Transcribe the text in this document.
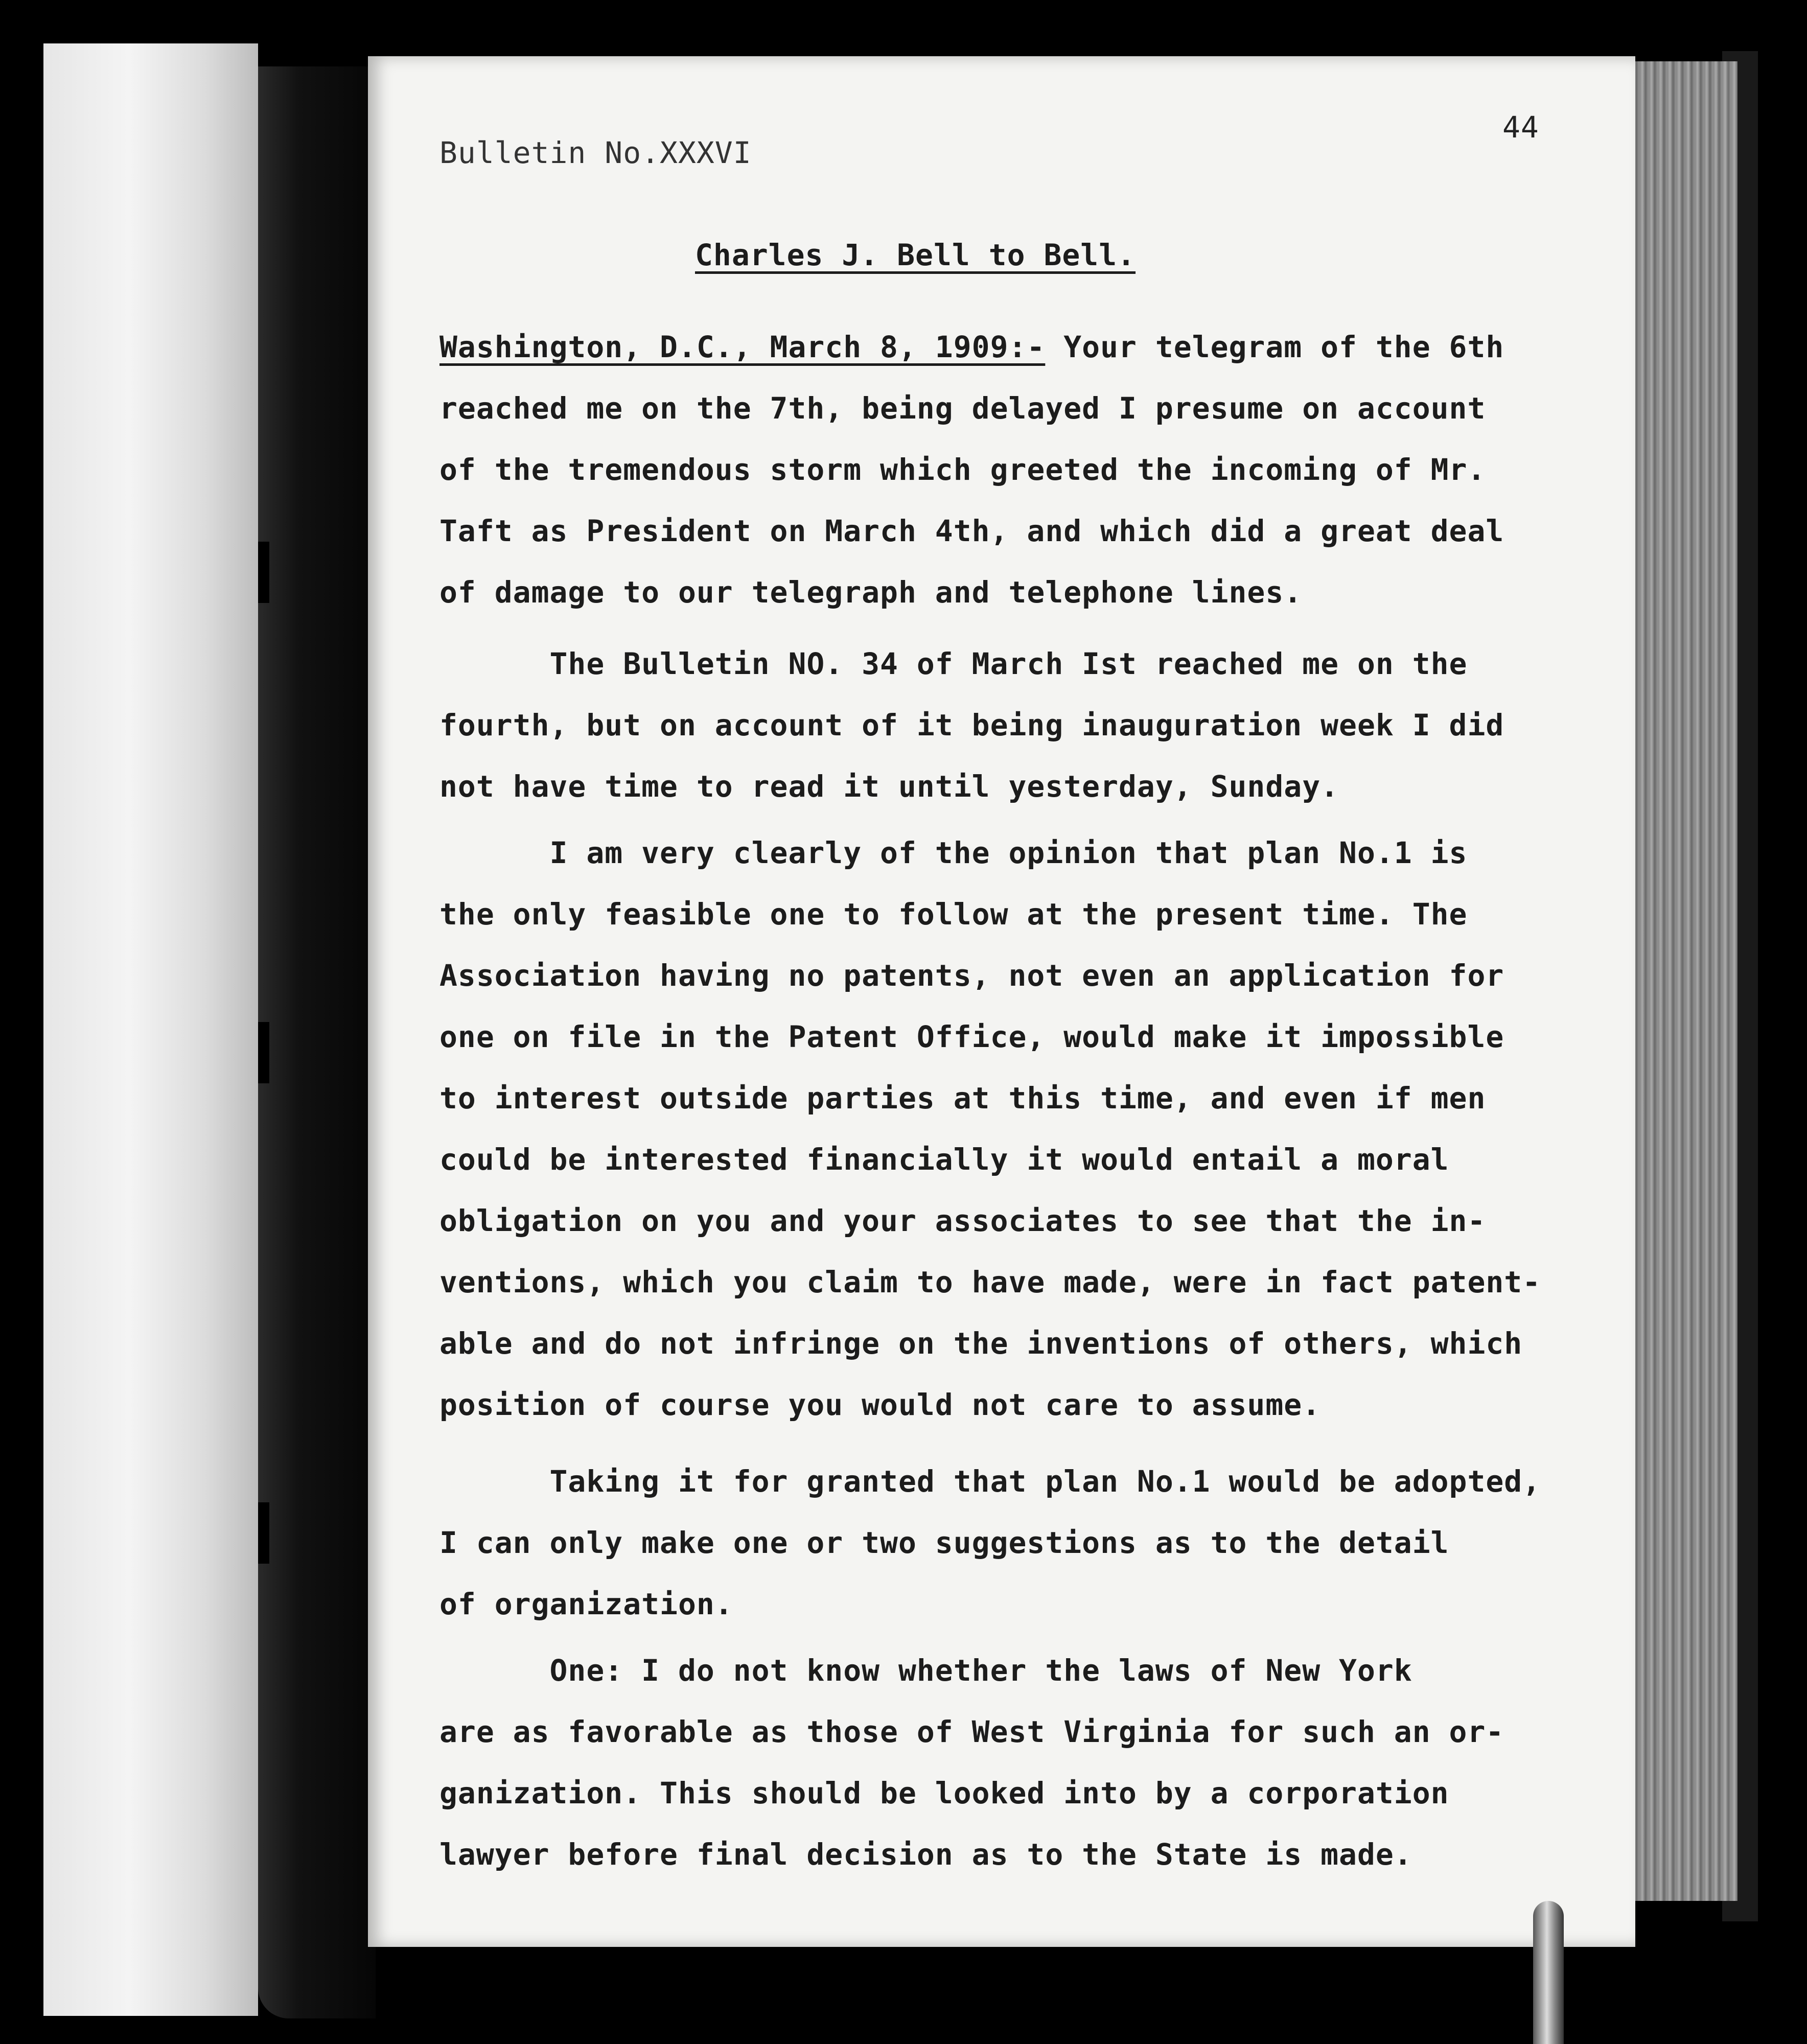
Bulletin No.XXXVI
44
Charles J. Bell to Bell.
Washington, D.C., March 8, 1909:- Your telegram of the 6th
reached me on the 7th, being delayed I presume on account
of the tremendous storm which greeted the incoming of Mr.
Taft as President on March 4th, and which did a great deal
of damage to our telegraph and telephone lines.
The Bulletin NO. 34 of March Ist reached me on the
fourth, but on account of it being inauguration week I did
not have time to read it until yesterday, Sunday.
I am very clearly of the opinion that plan No.1 is
the only feasible one to follow at the present time. The
Association having no patents, not even an application for
one on file in the Patent Office, would make it impossible
to interest outside parties at this time, and even if men
could be interested financially it would entail a moral
obligation on you and your associates to see that the in-
ventions, which you claim to have made, were in fact patent-
able and do not infringe on the inventions of others, which
position of course you would not care to assume.
Taking it for granted that plan No.1 would be adopted,
I can only make one or two suggestions as to the detail
of organization.
One: I do not know whether the laws of New York
are as favorable as those of West Virginia for such an or-
ganization. This should be looked into by a corporation
lawyer before final decision as to the State is made.
